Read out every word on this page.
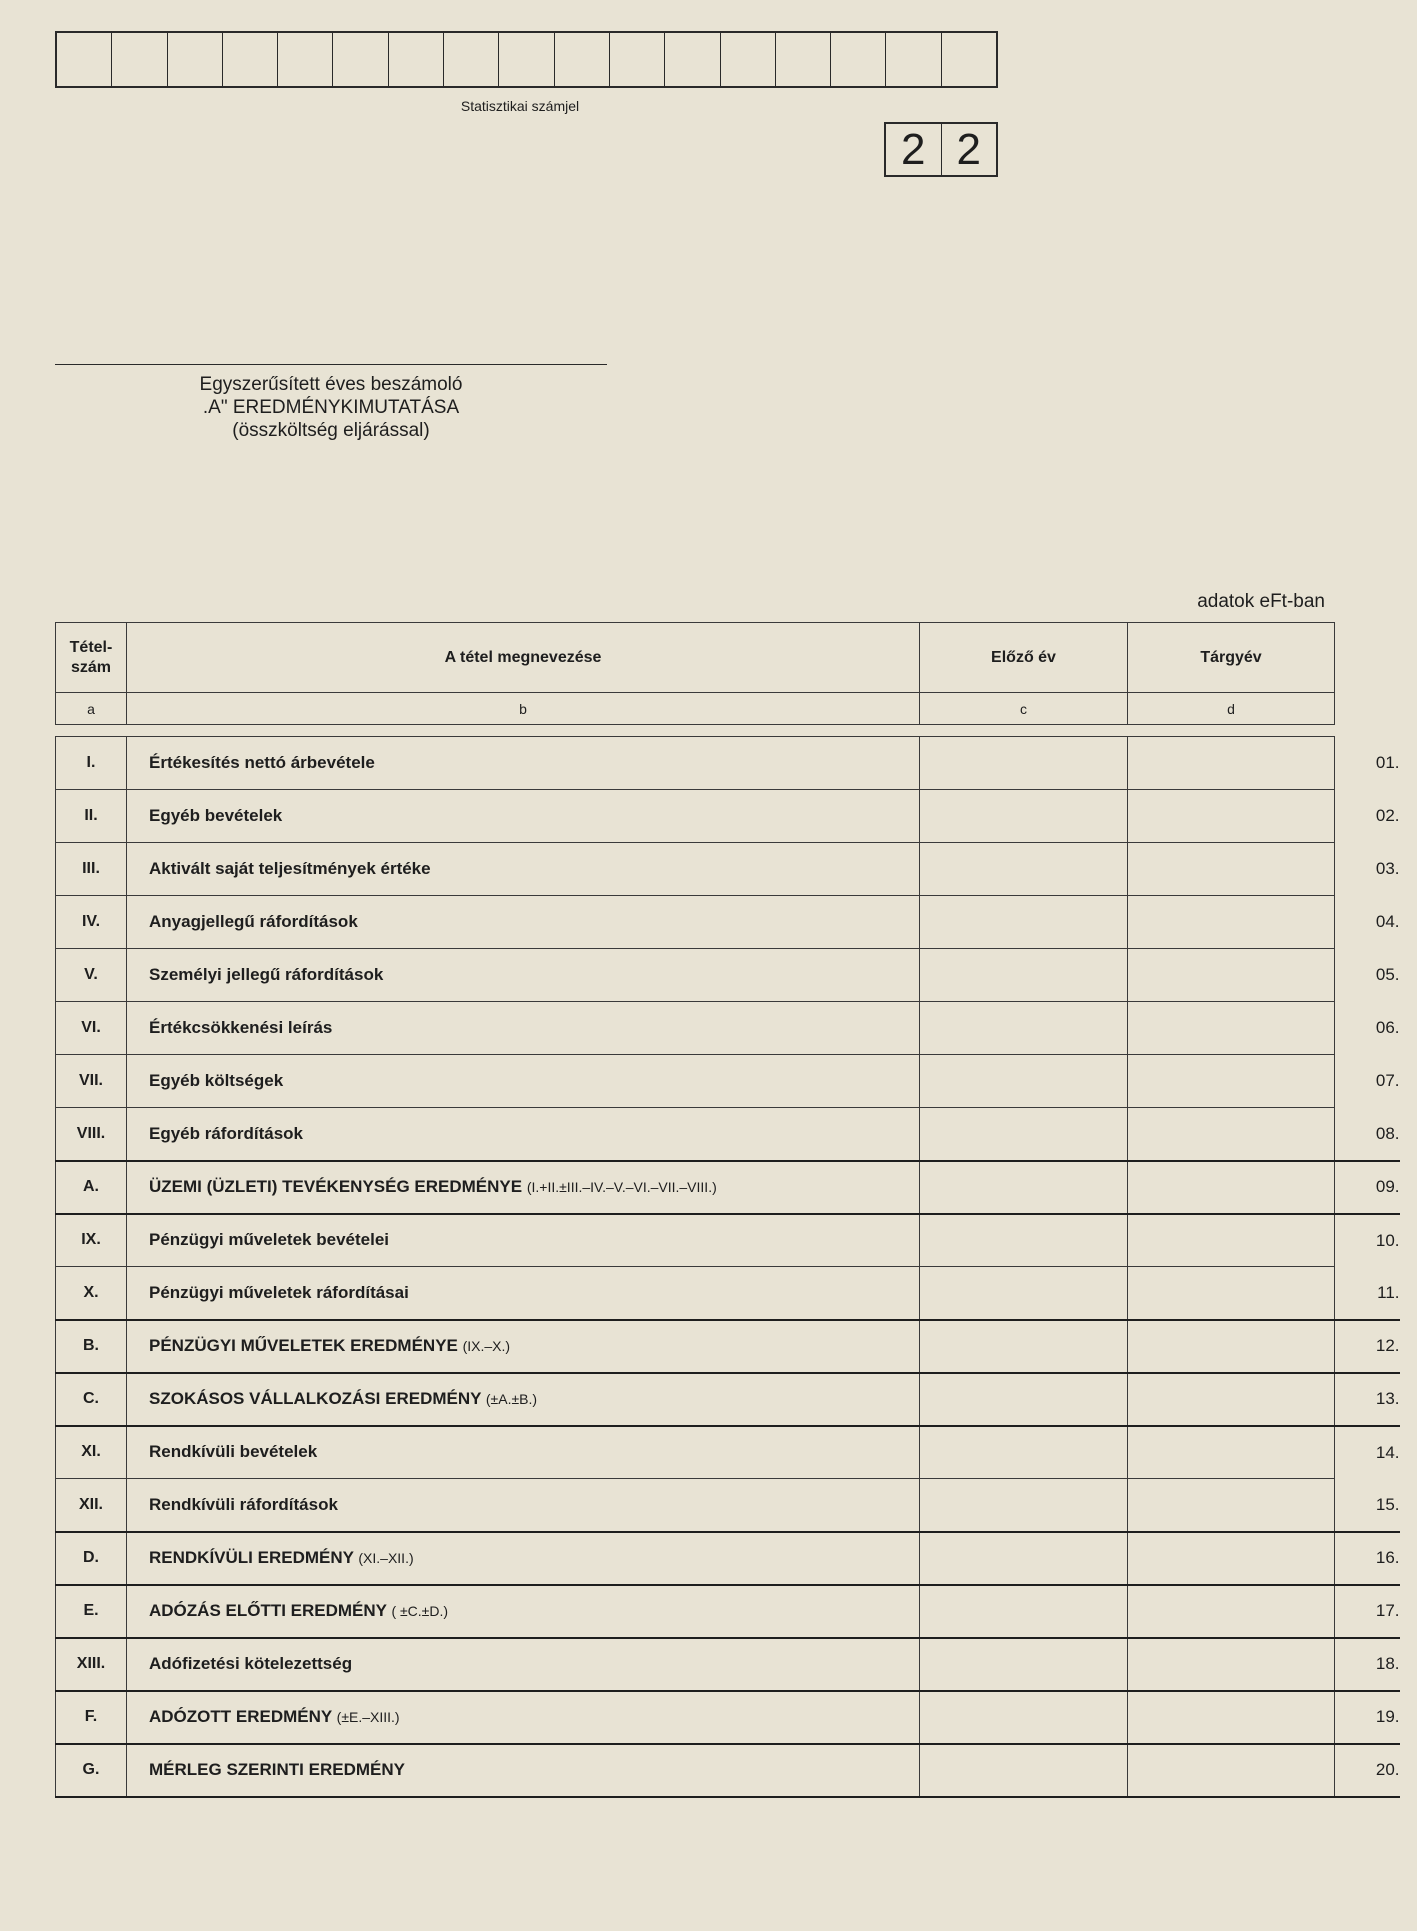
Statisztikai számjel
2 2
Egyszerűsített éves beszámoló
.A" EREDMÉNYKIMUTATÁSA
(összköltség eljárással)
adatok eFt-ban
Tétel-
szám	A tétel megnevezése	Előző év	Tárgyév	
a	b	c	d	

I.	Értékesítés nettó árbevétele			01.
II.	Egyéb bevételek			02.
III.	Aktivált saját teljesítmények értéke			03.
IV.	Anyagjellegű ráfordítások			04.
V.	Személyi jellegű ráfordítások			05.
VI.	Értékcsökkenési leírás			06.
VII.	Egyéb költségek			07.
VIII.	Egyéb ráfordítások			08.
A.	ÜZEMI (ÜZLETI) TEVÉKENYSÉG EREDMÉNYE (I.+II.±III.–IV.–V.–VI.–VII.–VIII.)			09.
IX.	Pénzügyi műveletek bevételei			10.
X.	Pénzügyi műveletek ráfordításai			11.
B.	PÉNZÜGYI MŰVELETEK EREDMÉNYE (IX.–X.)			12.
C.	SZOKÁSOS VÁLLALKOZÁSI EREDMÉNY (±A.±B.)			13.
XI.	Rendkívüli bevételek			14.
XII.	Rendkívüli ráfordítások			15.
D.	RENDKÍVÜLI EREDMÉNY (XI.–XII.)			16.
E.	ADÓZÁS ELŐTTI EREDMÉNY ( ±C.±D.)			17.
XIII.	Adófizetési kötelezettség			18.
F.	ADÓZOTT EREDMÉNY (±E.–XIII.)			19.
G.	MÉRLEG SZERINTI EREDMÉNY			20.
